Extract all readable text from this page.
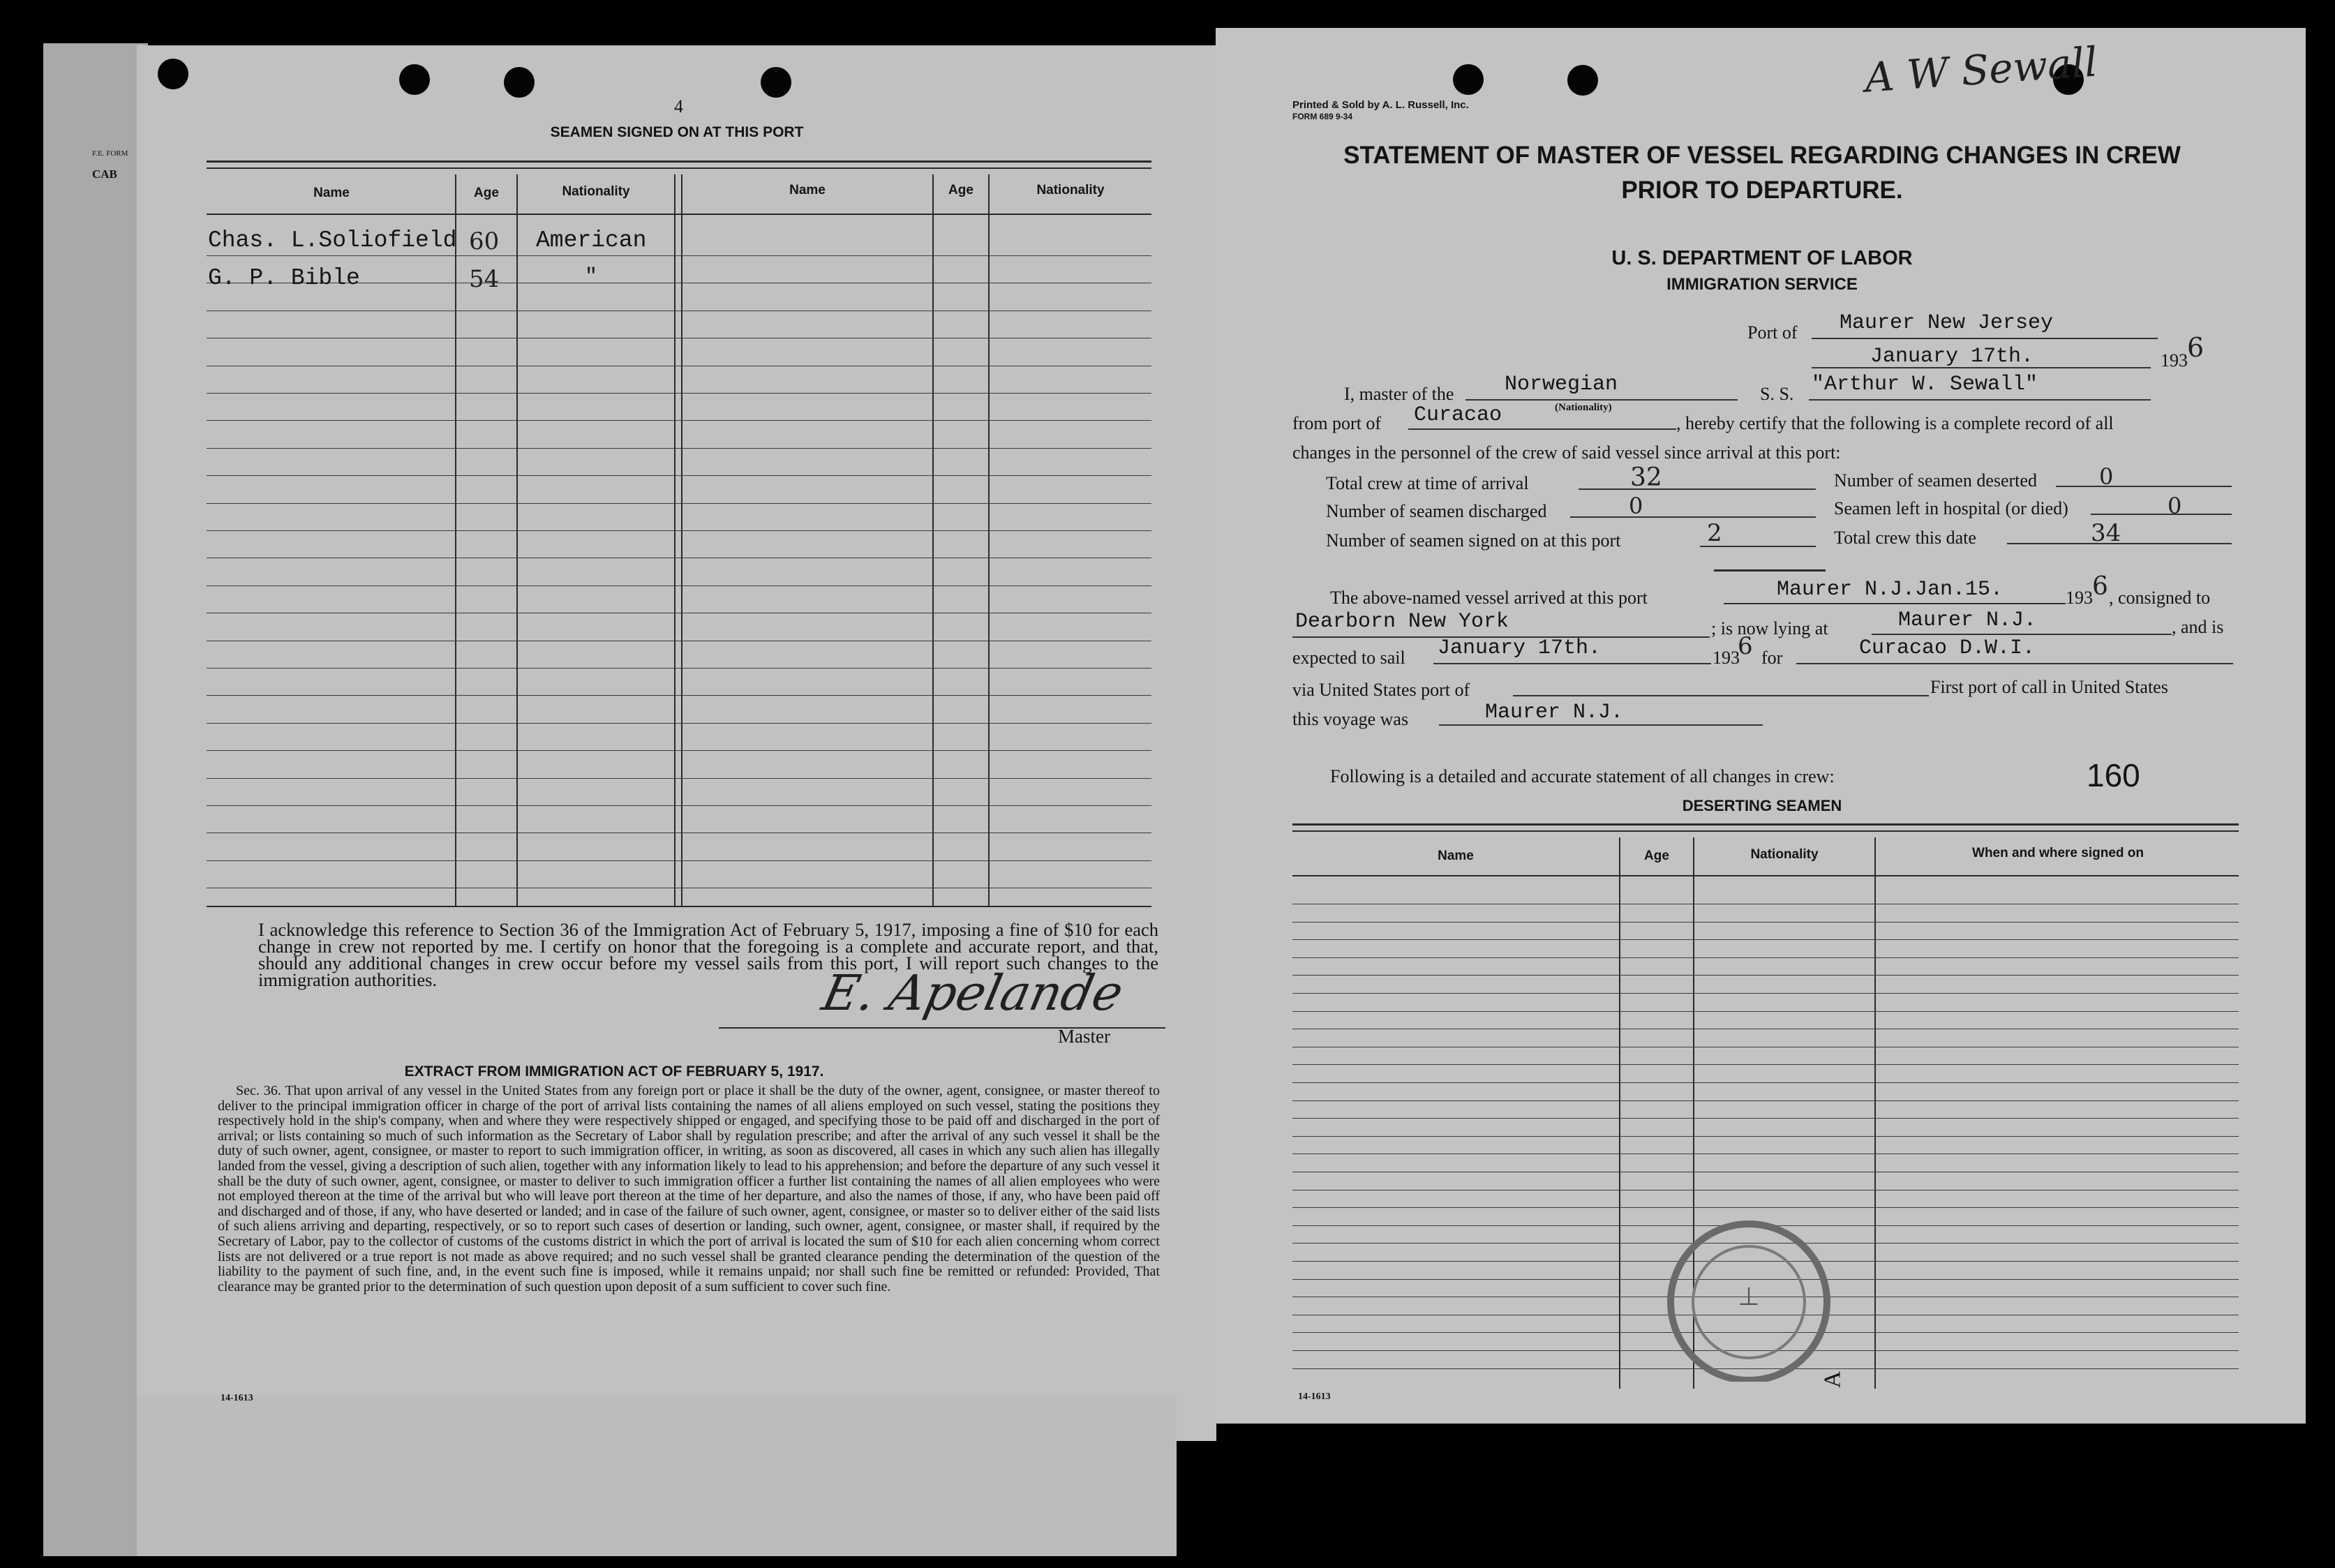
F.E. FORM
CAB
4
SEAMEN SIGNED ON AT THIS PORT
Name	Age	Nationality	Name	Age	Nationality
Chas. L.Soliofield 60 American
G. P. Bible	54	"
I acknowledge this reference to Section 36 of the Immigration Act of February 5, 1917, imposing a fine of $10 for each change in crew not reported by me. I certify on honor that the foregoing is a complete and accurate report, and that, should any additional changes in crew occur before my vessel sails from this port, I will report such changes to the immigration authorities.	E. Apelande
Master
EXTRACT FROM IMMIGRATION ACT OF FEBRUARY 5, 1917.
Sec. 36. That upon arrival of any vessel in the United States from any foreign port or place it shall be the duty of the owner, agent, consignee, or master thereof to deliver to the principal immigration officer in charge of the port of arrival lists containing the names of all aliens employed on such vessel, stating the positions they respectively hold in the ship's company, when and where they were respectively shipped or engaged, and specifying those to be paid off and discharged in the port of arrival; or lists containing so much of such information as the Secretary of Labor shall by regulation prescribe; and after the arrival of any such vessel it shall be the duty of such owner, agent, consignee, or master to report to such immigration officer, in writing, as soon as discovered, all cases in which any such alien has illegally landed from the vessel, giving a description of such alien, together with any information likely to lead to his apprehension; and before the departure of any such vessel it shall be the duty of such owner, agent, consignee, or master to deliver to such immigration officer a further list containing the names of all alien employees who were not employed thereon at the time of the arrival but who will leave port thereon at the time of her departure, and also the names of those, if any, who have been paid off and discharged and of those, if any, who have deserted or landed; and in case of the failure of such owner, agent, consignee, or master so to deliver either of the said lists of such aliens arriving and departing, respectively, or so to report such cases of desertion or landing, such owner, agent, consignee, or master shall, if required by the Secretary of Labor, pay to the collector of customs of the customs district in which the port of arrival is located the sum of $10 for each alien concerning whom correct lists are not delivered or a true report is not made as above required; and no such vessel shall be granted clearance pending the determination of the question of the liability to the payment of such fine, and, in the event such fine is imposed, while it remains unpaid; nor shall such fine be remitted or refunded: Provided, That clearance may be granted prior to the determination of such question upon deposit of a sum sufficient to cover such fine.
14-1613
Printed & Sold by A. L. Russell, Inc.
FORM 689 9-34
A W Sewall
STATEMENT OF MASTER OF VESSEL REGARDING CHANGES IN CREW
PRIOR TO DEPARTURE.
U. S. DEPARTMENT OF LABOR
IMMIGRATION SERVICE
Port of Maurer New Jersey
January 17th.	193 6
I, master of the Norwegian
(Nationality)
S. S. "Arthur W. Sewall"
from port of Curacao	, hereby certify that the following is a complete record of all
changes in the personnel of the crew of said vessel since arrival at this port:
Total crew at time of arrival	32	Number of seamen deserted	0
Number of seamen discharged	0	Seamen left in hospital (or died)	0
Number of seamen signed on at this port	2	Total crew this date	34
The above-named vessel arrived at this port	Maurer N.J.Jan.15.	193 6 , consigned to
Dearborn New York	; is now lying at	Maurer N.J.	, and is
expected to sail January 17th.	193
6 for	Curacao D.W.I.
via United States port of	First port of call in United States
this voyage was	Maurer N.J.
Following is a detailed and accurate statement of all changes in crew:	160
DESERTING SEAMEN
Name	Age	Nationality	When and where signed on
⊥
A
14-1613
